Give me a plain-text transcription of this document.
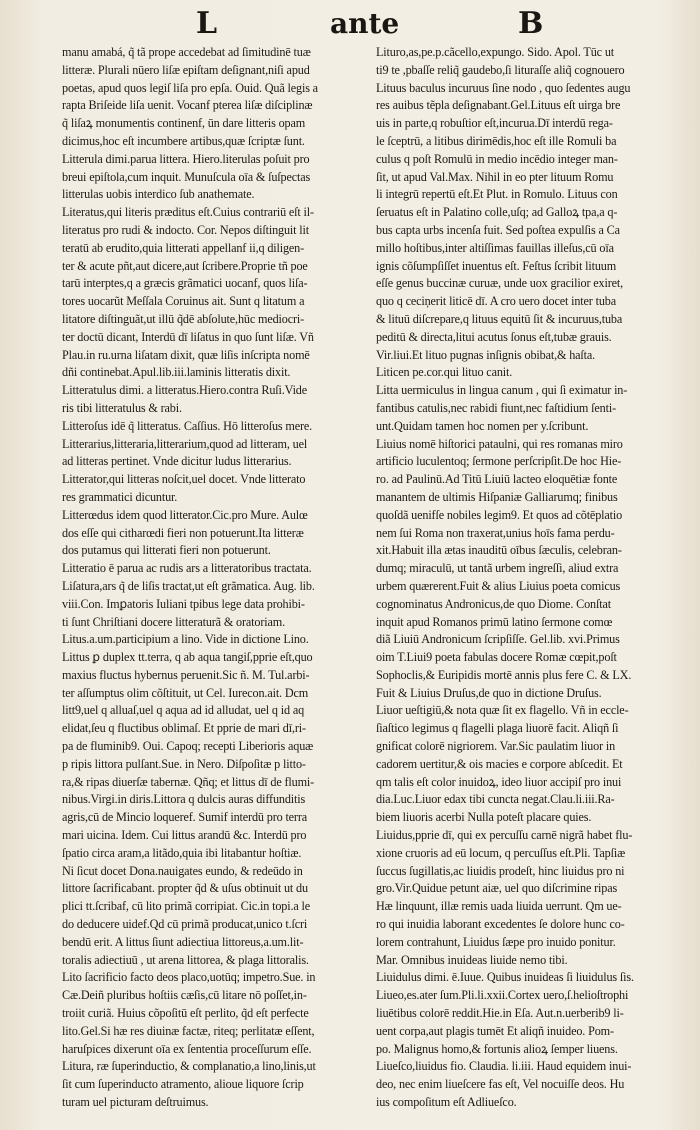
L	ante	B
manu amabá, q̃ tã prope accedebat ad ſimitudinē tuæ
litteræ. Plurali nūero liſæ epiſtam deſignant,niſi apud
poetas, apud quos legiſ liſa pro epſa. Ouid. Quã legis a
rapta Briſeide liſa uenit. Vocanf pterea liſæ diſciplinæ
q̃ liſaꝝ monumentis continenf, ūn dare litteris opam
dicimus,hoc eſt incumbere artibus,quæ ſcriptæ ſunt.
Litterula dimi.parua littera. Hiero.literulas poſuit pro
breui epiſtola,cum inquit. Munuſcula oīa & ſuſpectas
litterulas uobis interdico ſub anathemate.
Literatus,qui literis præditus eſt.Cuius contrariū eſt il-
literatus pro rudi & indocto. Cor. Nepos diſtinguit lit
teratū ab erudito,quia litterati appellanf ii,q diligen-
ter & acute pñt,aut dicere,aut ſcribere.Proprie tñ poe
tarū interptes,q a græcis grãmatici uocanf, quos liſa-
tores uocarũt Meſſala Coruinus ait. Sunt q litatum a
litatore diſtinguãt,ut illū q̃dē abſolute,hūc mediocri-
ter doctū dicant, Interdū dī liſatus in quo ſunt liſæ. Vñ
Plau.in ru.urna liſatam dixit, quæ liſis inſcripta nomē
dñi continebat.Apul.lib.iii.laminis litteratis dixit.
Litteratulus dimi. a litteratus.Hiero.contra Ruſi.Vide
ris tibi litteratulus & rabi.
Litteroſus idē q̃ litteratus. Caſſius. Hō litteroſus mere.
Litterarius,litteraria,litterarium,quod ad litteram, uel
ad litteras pertinet. Vnde dicitur ludus litterarius.
Litterator,qui litteras noſcit,uel docet. Vnde litterato
res grammatici dicuntur.
Litterœdus idem quod litterator.Cic.pro Mure. Aulœ
dos eſſe qui citharœdi fieri non potuerunt.Ita litteræ
dos putamus qui litterati fieri non potuerunt.
Litteratio ē parua ac rudis ars a litteratoribus tractata.
Liſatura,ars q̃ de liſis tractat,ut eſt grãmatica. Aug. lib.
viii.Con. Imꝑatoris Iuliani tpibus lege data prohibi-
ti ſunt Chriſtiani docere litteraturã & oratoriam.
Litus.a.um.participium a lino. Vide in dictione Lino.
Littus ꝑ duplex tt.terra, q ab aqua tangiſ,pprie eſt,quo
maxius fluctus hybernus peruenit.Sic ñ. M. Tul.arbi-
ter aſſumptus olim cõſtituit, ut Cel. Iurecon.ait. Dcm
litt9,uel q alluaſ,uel q aqua ad id alludat, uel q id aq
elidat,ſeu q fluctibus oblimaſ. Et pprie de mari dī,ri-
pa de fluminib9. Oui. Capoq; recepti Liberioris aquæ
p ripis littora pulſant.Sue. in Nero. Diſpoſitæ p litto-
ra,& ripas diuerſæ tabernæ. Qñq; et littus dī de flumi-
nibus.Virgi.in diris.Littora q dulcis auras diffunditis
agris,cū de Mincio loqueref. Sumif interdū pro terra
mari uicina. Idem. Cui littus arandū &c. Interdū pro
ſpatio circa aram,a litãdo,quia ibi litabantur hoſtiæ.
Ni ſicut docet Dona.nauigates eundo, & redeūdo in
littore ſacrificabant. propter q̃d & uſus obtinuit ut du
plici tt.ſcribaf, cū lito primã corripiat. Cic.in topi.a le
do deducere uidef.Qd cū primã producat,unico t.ſcri
bendū erit. A littus ſiunt adiectiua littoreus,a.um.lit-
toralis adiectiuū , ut arena littorea, & plaga littoralis.
Lito ſacrificio facto deos placo,uotūq; impetro.Sue. in
Cæ.Deiñ pluribus hoſtiis cæſis,cū litare nō poſſet,in-
troiit curiã. Huius cõpoſitū eſt perlito, q̃d eſt perfecte
lito.Gel.Si hæ res diuinæ factæ, riteq; perlitatæ eſſent,
haruſpices dixerunt oīa ex ſententia proceſſurum eſſe.
Litura, ræ ſuperinductio, & complanatio,a lino,linis,ut
ſit cum ſuperinducto atramento, alioue liquore ſcrip
turam uel picturam deſtruimus.
Lituro,as,pe.p.cãcello,expungo. Sido. Apol. Tūc ut
ti9 te ,pbaſſe reliq̃ gaudebo,ſi lituraſſe aliq̃ cognouero
Lituus baculus incuruus ſine nodo , quo ſedentes augu
res auibus tẽpla deſignabant.Gel.Lituus eſt uirga bre
uis in parte,q robuſtior eſt,incurua.Dī interdū rega-
le ſceptrū, a litibus dirimēdis,hoc eſt ille Romuli ba
culus q poſt Romulū in medio incēdio integer man-
ſit, ut apud Val.Max. Nihil in eo pter lituum Romu
li integrū repertū eſt.Et Plut. in Romulo. Lituus con
ſeruatus eſt in Palatino colle,uſq; ad Galloꝝ tpa,a q-
bus capta urbs incenſa fuit. Sed poſtea expulſis a Ca
millo hoſtibus,inter altiſſimas fauillas illeſus,cū oīa
ignis cõſumpſiſſet inuentus eſt. Feſtus ſcribit lituum
eſſe genus buccinæ curuæ, unde uox gracilior exiret,
quo q ceciņerit liticē dī. A cro uero docet inter tuba
& lituū diſcrepare,q lituus equitū ſit & incuruus,tuba
peditū & directa,litui acutus ſonus eſt,tubæ grauis.
Vir.liui.Et lituo pugnas inſignis obibat,& haſta.
Liticen pe.cor.qui lituo canit.
Litta uermiculus in lingua canum , qui ſi eximatur in-
fantibus catulis,nec rabidi fiunt,nec faſtidium ſenti-
unt.Quidam tamen hoc nomen per y.ſcribunt.
Liuius nomē hiſtorici pataulni, qui res romanas miro
artificio luculentoq; ſermone perſcripſit.De hoc Hie-
ro. ad Paulinū.Ad Titū Liuiū lacteo eloquētiæ fonte
manantem de ultimis Hiſpaniæ Galliarumq; finibus
quoſdã uenifſe nobiles legim9. Et quos ad cõtēplatio
nem ſui Roma non traxerat,unius hoīs fama perdu-
xit.Habuit illa ætas inauditū oībus ſæculis, celebran-
dumq; miraculū, ut tantã urbem ingreſſi, aliud extra
urbem quærerent.Fuit & alius Liuius poeta comicus
cognominatus Andronicus,de quo Diome. Conſtat
inquit apud Romanos primū latino ſermone comœ
diã Liuiū Andronicum ſcripſiſſe. Gel.lib. xvi.Primus
oim T.Liui9 poeta fabulas docere Romæ cœpit,poſt
Sophoclis,& Euripidis mortē annis plus fere C. & LX.
Fuit & Liuius Druſus,de quo in dictione Druſus.
Liuor ueſtigiū,& nota quæ ſit ex flagello. Vñ in eccle-
ſiaſtico legimus q flagelli plaga liuorē facit. Aliqñ ſi
gnificat colorē nigriorem. Var.Sic paulatim liuor in
cadorem uertitur,& ois macies e corpore abſcedit. Et
qm talis eſt color inuidoꝝ, ideo liuor accipiſ pro inui
dia.Luc.Liuor edax tibi cuncta negat.Clau.li.iii.Ra-
biem liuoris acerbi Nulla poteſt placare quies.
Liuidus,pprie dī, qui ex percuſſu carnē nigrã habet flu-
xione cruoris ad eū locum, q percuſſus eſt.Pli. Tapſiæ
ſuccus ſugillatis,ac liuidis prodeſt, hinc liuidus pro ni
gro.Vir.Quidue petunt aiæ, uel quo diſcrimine ripas
Hæ linquunt, illæ remis uada liuida uerrunt. Qm ue-
ro qui inuidia laborant excedentes ſe dolore hunc co-
lorem contrahunt, Liuidus ſæpe pro inuido ponitur.
Mar. Omnibus inuideas liuide nemo tibi.
Liuidulus dimi. ē.Iuue. Quibus inuideas ſi liuidulus ſis.
Liueo,es.ater ſum.Pli.li.xxii.Cortex uero,ſ.helioſtrophi
liuētibus colorē reddit.Hie.in Eſa. Aut.n.uerberib9 li-
uent corpa,aut plagis tumēt Et aliqñ inuideo. Pom-
po. Malignus homo,& fortunis alioꝝ ſemper liuens.
Liueſco,liuidus fio. Claudia. li.iii. Haud equidem inui-
deo, nec enim liueſcere fas eſt, Vel nocuiſſe deos. Hu
ius compoſitum eſt Adliueſco.
